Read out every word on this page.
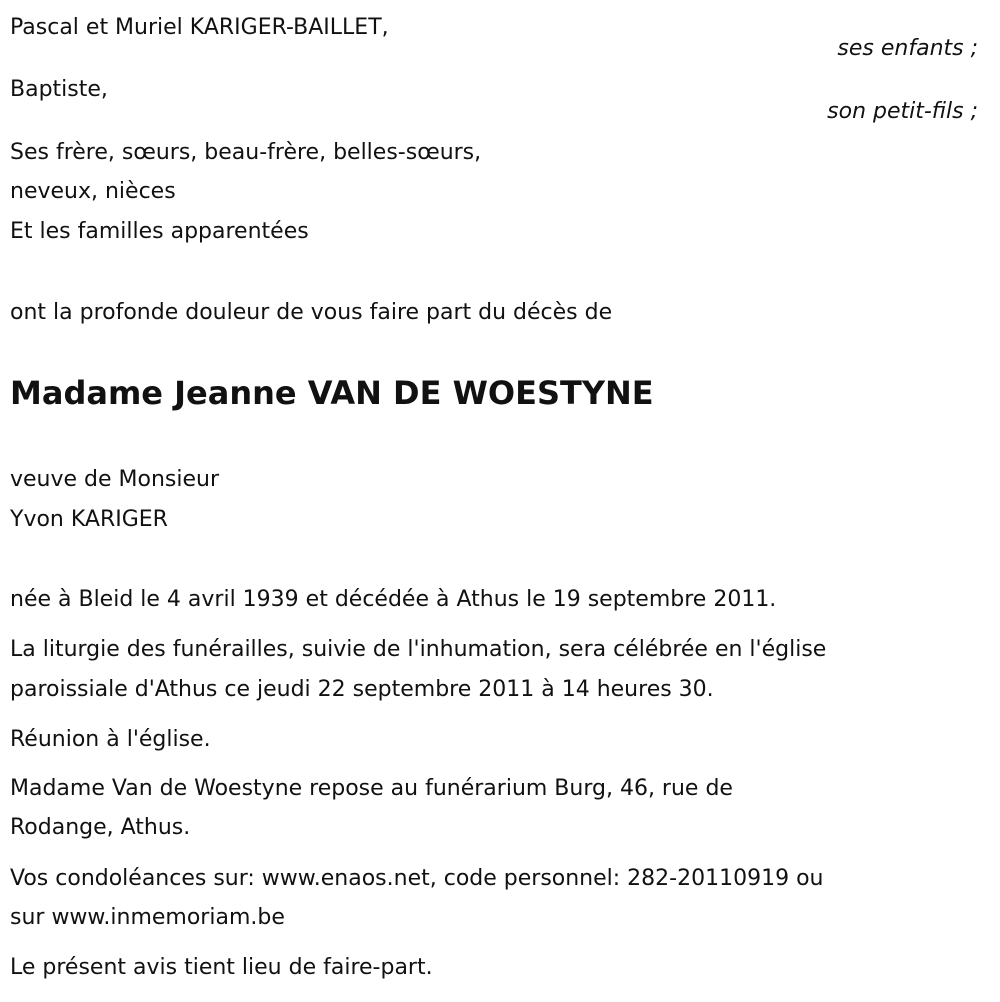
Pascal et Muriel KARIGER-BAILLET,
ses enfants ;
Baptiste,
son petit-fils ;
Ses frère, sœurs, beau-frère, belles-sœurs,
neveux, nièces
Et les familles apparentées
ont la profonde douleur de vous faire part du décès de
Madame Jeanne VAN DE WOESTYNE
veuve de Monsieur
Yvon KARIGER
née à Bleid le 4 avril 1939 et décédée à Athus le 19 septembre 2011.
La liturgie des funérailles, suivie de l'inhumation, sera célébrée en l'église
paroissiale d'Athus ce jeudi 22 septembre 2011 à 14 heures 30.
Réunion à l'église.
Madame Van de Woestyne repose au funérarium Burg, 46, rue de
Rodange, Athus.
Vos condoléances sur: www.enaos.net, code personnel: 282-20110919 ou
sur www.inmemoriam.be
Le présent avis tient lieu de faire-part.
